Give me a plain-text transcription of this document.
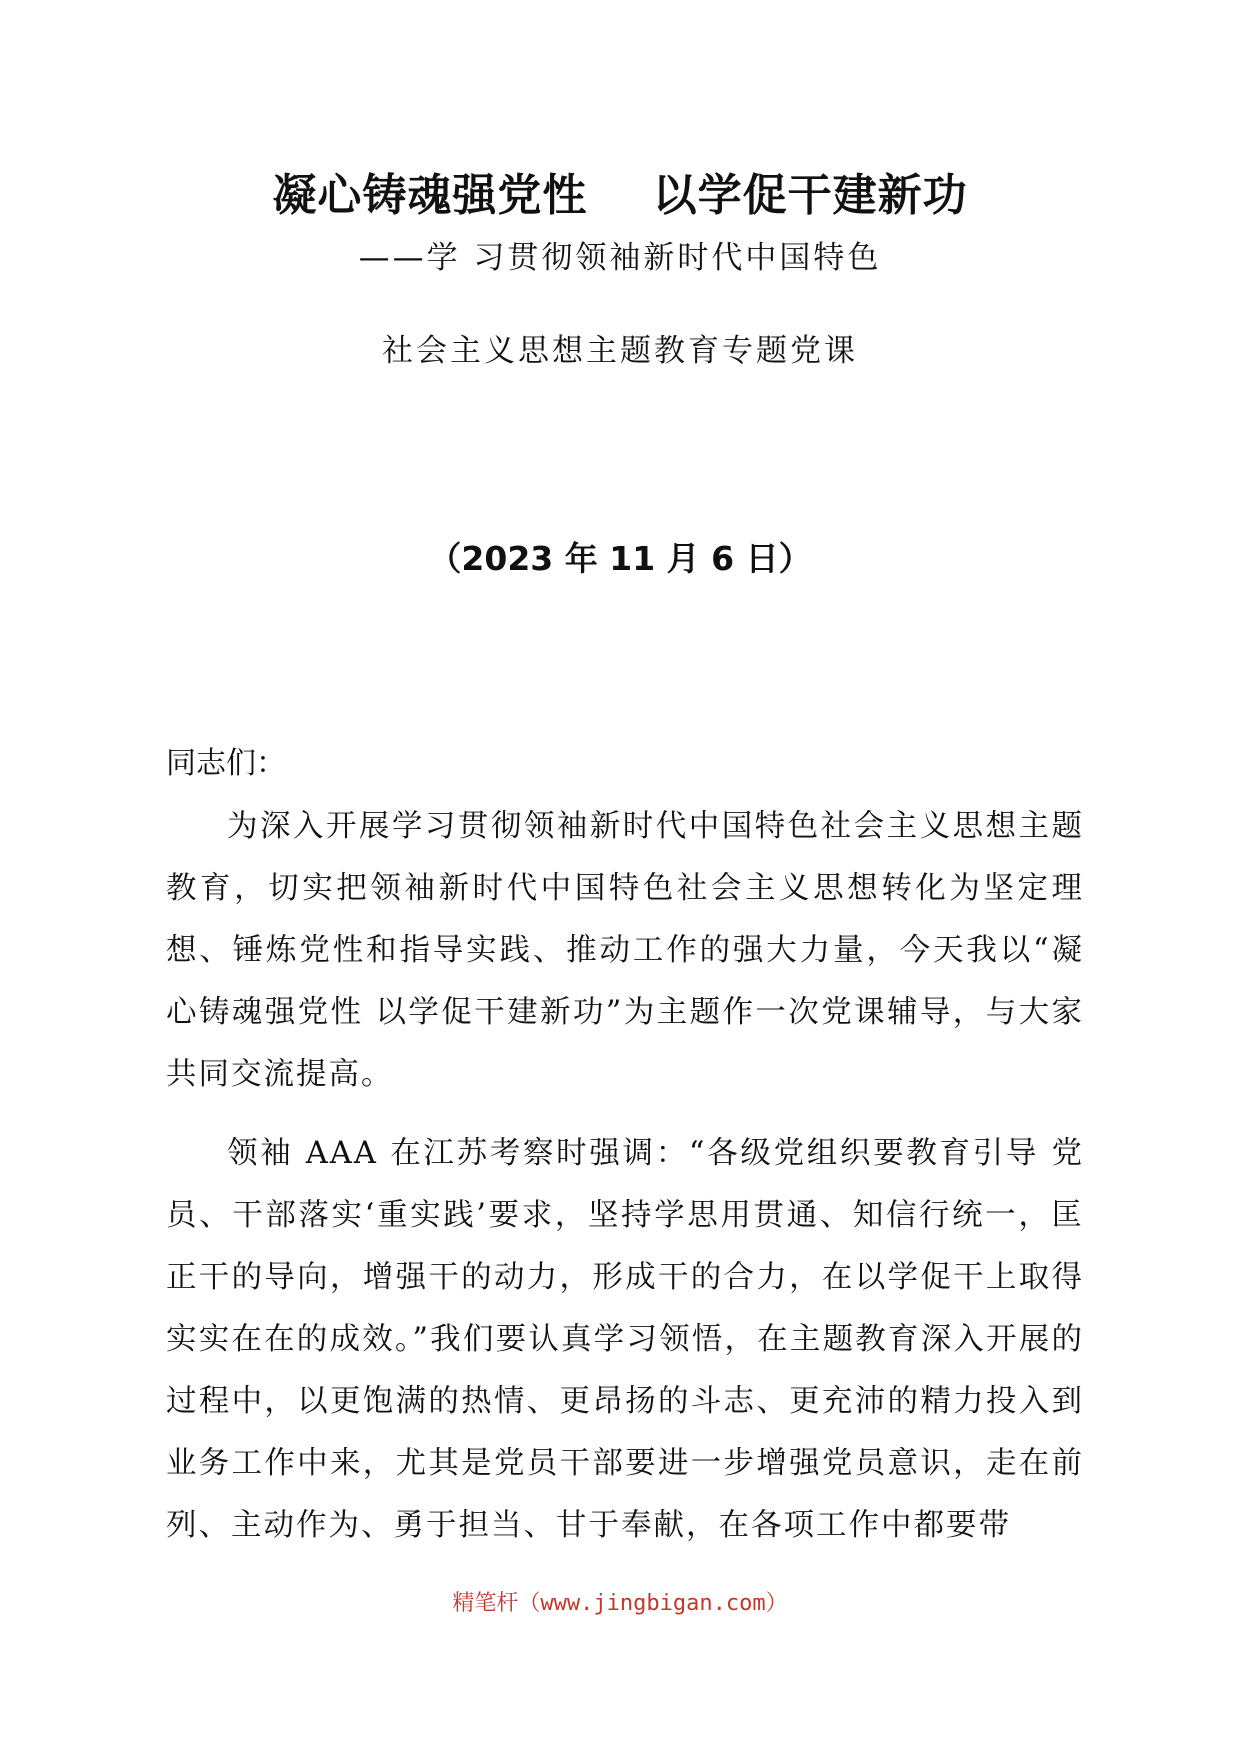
凝心铸魂强党性    以学促干建新功
——学 习贯彻领袖新时代中国特色
社会主义思想主题教育专题党课
（2023 年 11 月 6 日）
同志们：

为深入开展学习贯彻领袖新时代中国特色社会主义思想主题教育，切实把领袖新时代中国特色社会主义思想转化为坚定理想、锤炼党性和指导实践、推动工作的强大力量，今天我以“凝心铸魂强党性 以学促干建新功”为主题作一次党课辅导，与大家共同交流提高。

领袖 AAA 在江苏考察时强调：“各级党组织要教育引导 党员、干部落实‘重实践’要求，坚持学思用贯通、知信行统一，匡正干的导向，增强干的动力，形成干的合力，在以学促干上取得实实在在的成效。”我们要认真学习领悟，在主题教育深入开展的过程中，以更饱满的热情、更昂扬的斗志、更充沛的精力投入到业务工作中来，尤其是党员干部要进一步增强党员意识，走在前列、主动作为、勇于担当、甘于奉献，在各项工作中都要带

精笔杆（www.jingbigan.com）
